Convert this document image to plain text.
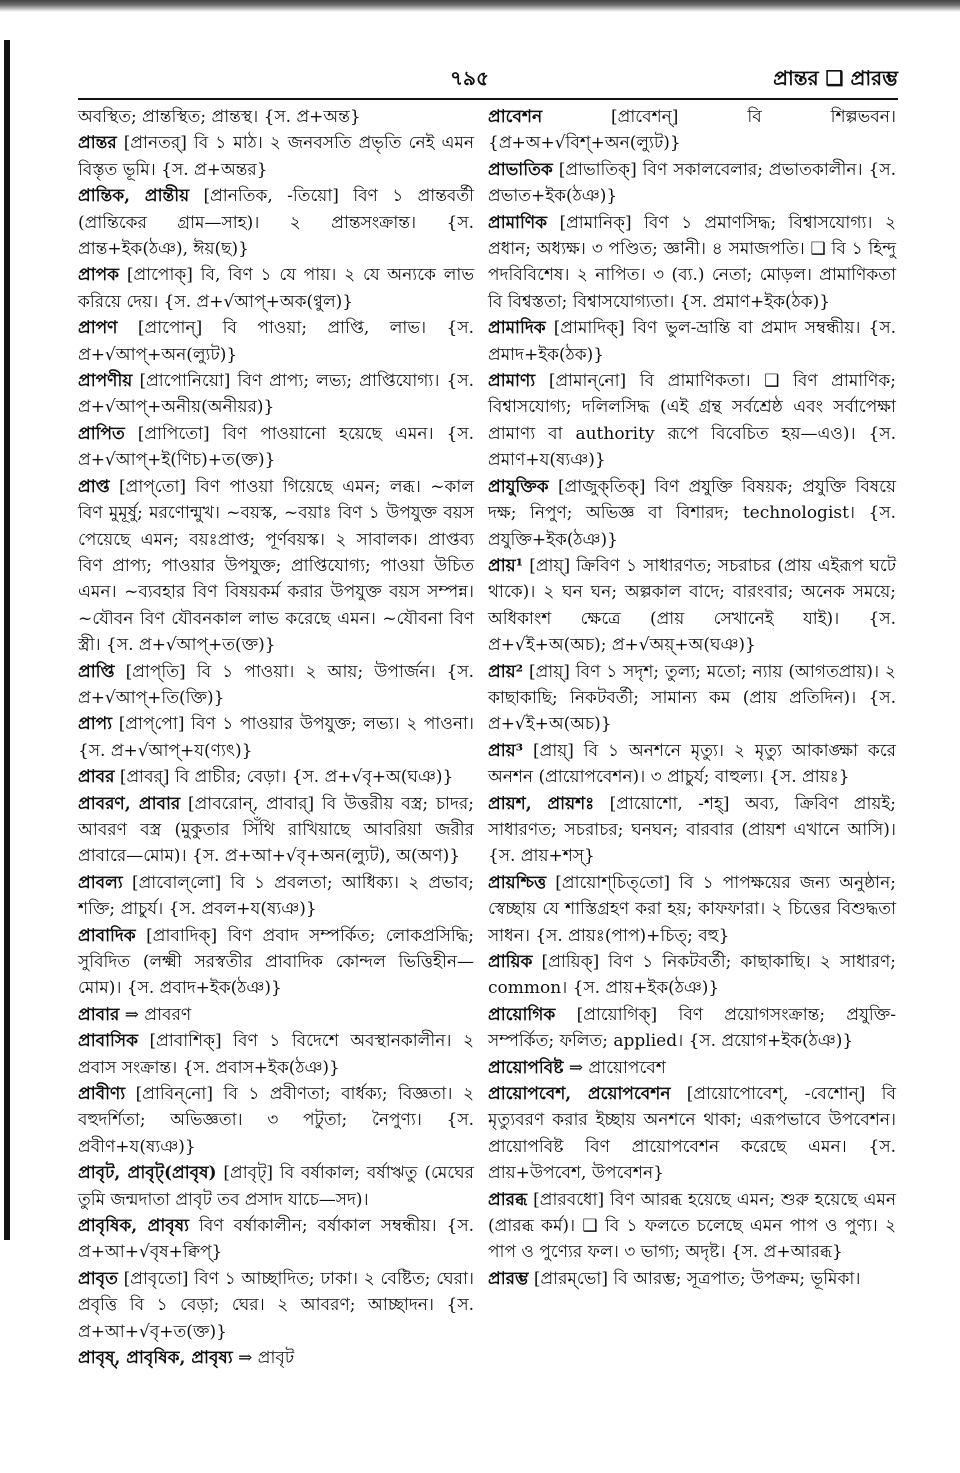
৭৯৫	প্রান্তর ❑ প্রারম্ভ

অবস্থিত; প্রান্তস্থিত; প্রান্তস্থ। {স. প্র+অন্ত}

প্রান্তর [প্রানতর্] বি ১ মাঠ। ২ জনবসতি প্রভৃতি নেই এমন বিস্তৃত ভূমি। {স. প্র+অন্তর}

প্রান্তিক, প্রান্তীয় [প্রানতিক, -তিয়ো] বিণ ১ প্রান্তবর্তী (প্রান্তিকের গ্রাম—সাহ)। ২ প্রান্তসংক্রান্ত। {স. প্রান্ত+ইক(ঠঞ), ঈয়(ছ)}

প্রাপক [প্রাপোক্] বি, বিণ ১ যে পায়। ২ যে অন্যকে লাভ করিয়ে দেয়। {স. প্র+√আপ্+অক(ণ্বুল)}

প্রাপণ [প্রাপোন্] বি পাওয়া; প্রাপ্তি, লাভ। {স. প্র+√আপ্+অন(ল্যুট)}

প্রাপণীয় [প্রাপোনিয়ো] বিণ প্রাপ্য; লভ্য; প্রাপ্তিযোগ্য। {স. প্র+√আপ্+অনীয়(অনীয়র)}

প্রাপিত [প্রাপিতো] বিণ পাওয়ানো হয়েছে এমন। {স. প্র+√আপ্+ই(ণিচ)+ত(ক্ত)}

প্রাপ্ত [প্রাপ্‌তো] বিণ পাওয়া গিয়েছে এমন; লব্ধ। ~কাল বিণ মুমূর্ষু; মরণোন্মুখ। ~বয়স্ক, ~বয়াঃ বিণ ১ উপযুক্ত বয়স পেয়েছে এমন; বয়ঃপ্রাপ্ত; পূর্ণবয়স্ক। ২ সাবালক। প্রাপ্তব্য বিণ প্রাপ্য; পাওয়ার উপযুক্ত; প্রাপ্তিযোগ্য; পাওয়া উচিত এমন। ~ব্যবহার বিণ বিষয়কর্ম করার উপযুক্ত বয়স সম্পন্ন। ~যৌবন বিণ যৌবনকাল লাভ করেছে এমন। ~যৌবনা বিণ স্ত্রী। {স. প্র+√আপ্+ত(ক্ত)}

প্রাপ্তি [প্রাপ্‌তি] বি ১ পাওয়া। ২ আয়; উপার্জন। {স. প্র+√আপ্+তি(ক্তি)}

প্রাপ্য [প্রাপ্‌পো] বিণ ১ পাওয়ার উপযুক্ত; লভ্য। ২ পাওনা। {স. প্র+√আপ্+য(ণ্যৎ)}

প্রাবর [প্রাবর্] বি প্রাচীর; বেড়া। {স. প্র+√বৃ+অ(ঘঞ)}

প্রাবরণ, প্রাবার [প্রাবরোন্, প্রাবার্] বি উত্তরীয় বস্ত্র; চাদর; আবরণ বস্ত্র (মুকুতার সিঁথি রাখিয়াছে আবরিয়া জরীর প্রাবারে—মোম)। {স. প্র+আ+√বৃ+অন(ল্যুট), অ(অণ)}

প্রাবল্য [প্রাবোল্‌লো] বি ১ প্রবলতা; আধিক্য। ২ প্রভাব; শক্তি; প্রাচুর্য। {স. প্রবল+য(ষ্যঞ)}

প্রাবাদিক [প্রাবাদিক্] বিণ প্রবাদ সম্পর্কিত; লোকপ্রসিদ্ধি; সুবিদিত (লক্ষ্মী সরস্বতীর প্রাবাদিক কোন্দল ভিত্তিহীন—মোম)। {স. প্রবাদ+ইক(ঠঞ)}

প্রাবার ⇒ প্রাবরণ

প্রাবাসিক [প্রাবাশিক্] বিণ ১ বিদেশে অবস্থানকালীন। ২ প্রবাস সংক্রান্ত। {স. প্রবাস+ইক(ঠঞ)}

প্রাবীণ্য [প্রাবিন্‌নো] বি ১ প্রবীণতা; বার্ধক্য; বিজ্ঞতা। ২ বহুদর্শিতা; অভিজ্ঞতা। ৩ পটুতা; নৈপুণ্য। {স. প্রবীণ+য(ষ্যঞ)}

প্রাবৃট, প্রাবৃট্(প্রাবৃষ) [প্রাবৃট্] বি বর্ষাকাল; বর্ষাঋতু (মেঘের তুমি জন্মদাতা প্রাবৃট তব প্রসাদ যাচে—সদ)।

প্রাবৃষিক, প্রাবৃষ্য বিণ বর্ষাকালীন; বর্ষাকাল সম্বন্ধীয়। {স. প্র+আ+√বৃষ+ক্বিপ্}

প্রাবৃত [প্রাবৃতো] বিণ ১ আচ্ছাদিত; ঢাকা। ২ বেষ্টিত; ঘেরা। প্রবৃত্তি বি ১ বেড়া; ঘের। ২ আবরণ; আচ্ছাদন। {স. প্র+আ+√বৃ+ত(ক্ত)}

প্রাবৃষ্, প্রাবৃষিক, প্রাবৃষ্য ⇒ প্রাবৃট

প্রাবেশন [প্রাবেশন্] বি শিল্পভবন। {প্র+অ+√বিশ্+অন(ল্যুট)}

প্রাভাতিক [প্রাভাতিক্] বিণ সকালবেলার; প্রভাতকালীন। {স. প্রভাত+ইক(ঠঞ)}

প্রামাণিক [প্রামানিক্] বিণ ১ প্রমাণসিদ্ধ; বিশ্বাসযোগ্য। ২ প্রধান; অধ্যক্ষ। ৩ পণ্ডিত; জ্ঞানী। ৪ সমাজপতি। ❑ বি ১ হিন্দু পদবিবিশেষ। ২ নাপিত। ৩ (ব্য.) নেতা; মোড়ল। প্রামাণিকতা বি বিশ্বস্ততা; বিশ্বাসযোগ্যতা। {স. প্রমাণ+ইক(ঠক)}

প্রামাদিক [প্রামাদিক্] বিণ ভুল-ভ্রান্তি বা প্রমাদ সম্বন্ধীয়। {স. প্রমাদ+ইক(ঠক)}

প্রামাণ্য [প্রামান্‌নো] বি প্রামাণিকতা। ❑ বিণ প্রামাণিক; বিশ্বাসযোগ্য; দলিলসিদ্ধ (এই গ্রন্থ সর্বশ্রেষ্ঠ এবং সর্বাপেক্ষা প্রামাণ্য বা authority রূপে বিবেচিত হয়—এও)। {স. প্রমাণ+য(ষ্যঞ)}

প্রাযুক্তিক [প্রাজুক্‌তিক্] বিণ প্রযুক্তি বিষয়ক; প্রযুক্তি বিষয়ে দক্ষ; নিপুণ; অভিজ্ঞ বা বিশারদ; technologist। {স. প্রযুক্তি+ইক(ঠঞ)}

প্রায়¹ [প্রায়্] ক্রিবিণ ১ সাধারণত; সচরাচর (প্রায় এইরূপ ঘটে থাকে)। ২ ঘন ঘন; অল্পকাল বাদে; বারংবার; অনেক সময়ে; অধিকাংশ ক্ষেত্রে (প্রায় সেখানেই যাই)। {স. প্র+√ই+অ(অচ); প্র+√অয়্+অ(ঘঞ)}

প্রায়² [প্রায়্] বিণ ১ সদৃশ; তুল্য; মতো; ন্যায় (আগতপ্রায়)। ২ কাছাকাছি; নিকটবর্তী; সামান্য কম (প্রায় প্রতিদিন)। {স. প্র+√ই+অ(অচ)}

প্রায়³ [প্রায়্] বি ১ অনশনে মৃত্যু। ২ মৃত্যু আকাঙ্ক্ষা করে অনশন (প্রায়োপবেশন)। ৩ প্রাচুর্য; বাহুল্য। {স. প্রায়ঃ}

প্রায়শ, প্রায়শঃ [প্রায়োশো, -শহ্] অব্য, ক্রিবিণ প্রায়ই; সাধারণত; সচরাচর; ঘনঘন; বারবার (প্রায়শ এখানে আসি)। {স. প্রায়+শস্}

প্রায়শ্চিত্ত [প্রায়োশ্‌চিত্‌তো] বি ১ পাপক্ষয়ের জন্য অনুষ্ঠান; স্বেচ্ছায় যে শাস্তিগ্রহণ করা হয়; কাফফারা। ২ চিত্তের বিশুদ্ধতা সাধন। {স. প্রায়ঃ(পাপ)+চিত্; বহু}

প্রায়িক [প্রায়িক্] বিণ ১ নিকটবর্তী; কাছাকাছি। ২ সাধারণ; common। {স. প্রায়+ইক(ঠঞ)}

প্রায়োগিক [প্রায়োগিক্] বিণ প্রয়োগসংক্রান্ত; প্রযুক্তি-সম্পর্কিত; ফলিত; applied। {স. প্রয়োগ+ইক(ঠঞ)}

প্রায়োপবিষ্ট ⇒ প্রায়োপবেশ

প্রায়োপবেশ, প্রয়োপবেশন [প্রায়োপোবেশ্, -বেশোন্] বি মৃত্যুবরণ করার ইচ্ছায় অনশনে থাকা; এরূপভাবে উপবেশন। প্রায়োপবিষ্ট বিণ প্রায়োপবেশন করেছে এমন। {স. প্রায়+উপবেশ, উপবেশন}

প্রারব্ধ [প্রারবধো] বিণ আরব্ধ হয়েছে এমন; শুরু হয়েছে এমন (প্রারব্ধ কর্ম)। ❑ বি ১ ফলতে চলেছে এমন পাপ ও পুণ্য। ২ পাপ ও পুণ্যের ফল। ৩ ভাগ্য; অদৃষ্ট। {স. প্র+আরব্ধ}

প্রারম্ভ [প্রারম্‌ভো] বি আরম্ভ; সূত্রপাত; উপক্রম; ভূমিকা।
